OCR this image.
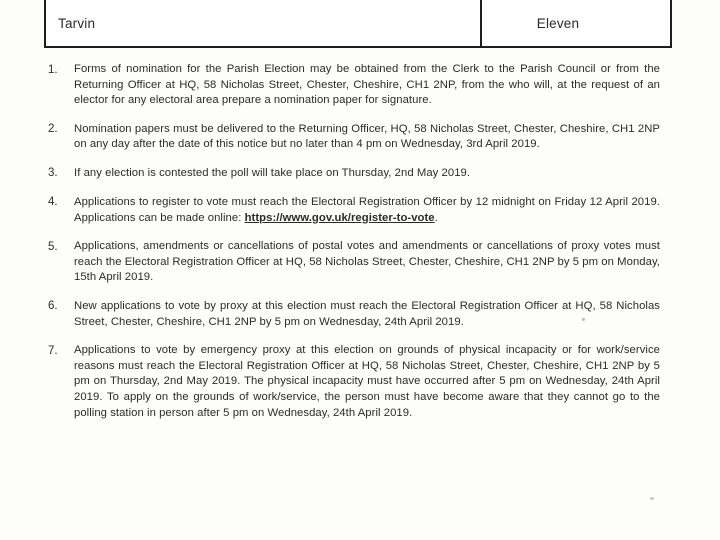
Tarvin	Eleven
1.	Forms of nomination for the Parish Election may be obtained from the Clerk to the Parish Council or from the Returning Officer at HQ, 58 Nicholas Street, Chester, Cheshire, CH1 2NP, from the who will, at the request of an elector for any electoral area prepare a nomination paper for signature.
2.	Nomination papers must be delivered to the Returning Officer, HQ, 58 Nicholas Street, Chester, Cheshire, CH1 2NP on any day after the date of this notice but no later than 4 pm on Wednesday, 3rd April 2019.
3.	If any election is contested the poll will take place on Thursday, 2nd May 2019.
4.	Applications to register to vote must reach the Electoral Registration Officer by 12 midnight on Friday 12 April 2019. Applications can be made online: https://www.gov.uk/register-to-vote.
5.	Applications, amendments or cancellations of postal votes and amendments or cancellations of proxy votes must reach the Electoral Registration Officer at HQ, 58 Nicholas Street, Chester, Cheshire, CH1 2NP by 5 pm on Monday, 15th April 2019.
6.	New applications to vote by proxy at this election must reach the Electoral Registration Officer at HQ, 58 Nicholas Street, Chester, Cheshire, CH1 2NP by 5 pm on Wednesday, 24th April 2019.
7.	Applications to vote by emergency proxy at this election on grounds of physical incapacity or for work/service reasons must reach the Electoral Registration Officer at HQ, 58 Nicholas Street, Chester, Cheshire, CH1 2NP by 5 pm on Thursday, 2nd May 2019. The physical incapacity must have occurred after 5 pm on Wednesday, 24th April 2019. To apply on the grounds of work/service, the person must have become aware that they cannot go to the polling station in person after 5 pm on Wednesday, 24th April 2019.
